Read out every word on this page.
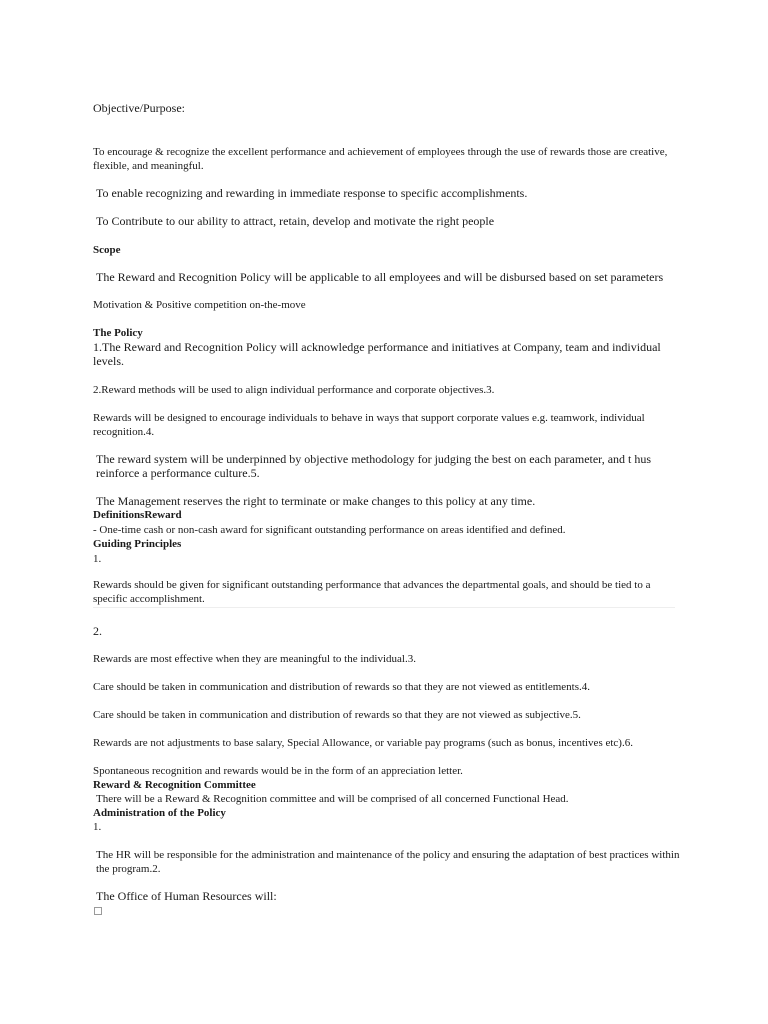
Objective/Purpose:
To encourage & recognize the excellent performance and achievement of employees through the use of rewards those are creative, flexible, and meaningful.
To enable recognizing and rewarding in immediate response to specific accomplishments.
To Contribute to our ability to attract, retain, develop and motivate the right people
Scope
The Reward and Recognition Policy will be applicable to all employees and will be disbursed based on set parameters
Motivation & Positive competition on-the-move
The Policy
1.The Reward and Recognition Policy will acknowledge performance and initiatives at Company, team and individual levels.
2.Reward methods will be used to align individual performance and corporate objectives.3.
Rewards will be designed to encourage individuals to behave in ways that support corporate values e.g. teamwork, individual recognition.4.
The reward system will be underpinned by objective methodology for judging the best on each parameter, and t hus reinforce a performance culture.5.
The Management reserves the right to terminate or make changes to this policy at any time.
DefinitionsReward
- One-time cash or non-cash award for significant outstanding performance on areas identified and defined.
Guiding Principles
1.
Rewards should be given for significant outstanding performance that advances the departmental goals, and should be tied to a specific accomplishment.
2.
Rewards are most effective when they are meaningful to the individual.3.
Care should be taken in communication and distribution of rewards so that they are not viewed as entitlements.4.
Care should be taken in communication and distribution of rewards so that they are not viewed as subjective.5.
Rewards are not adjustments to base salary, Special Allowance, or variable pay programs (such as bonus, incentives etc).6.
Spontaneous recognition and rewards would be in the form of an appreciation letter.
Reward & Recognition Committee
There will be a Reward & Recognition committee and will be comprised of all concerned Functional Head.
Administration of the Policy
1.
The HR will be responsible for the administration and maintenance of the policy and ensuring the adaptation of best practices within the program.2.
The Office of Human Resources will:
